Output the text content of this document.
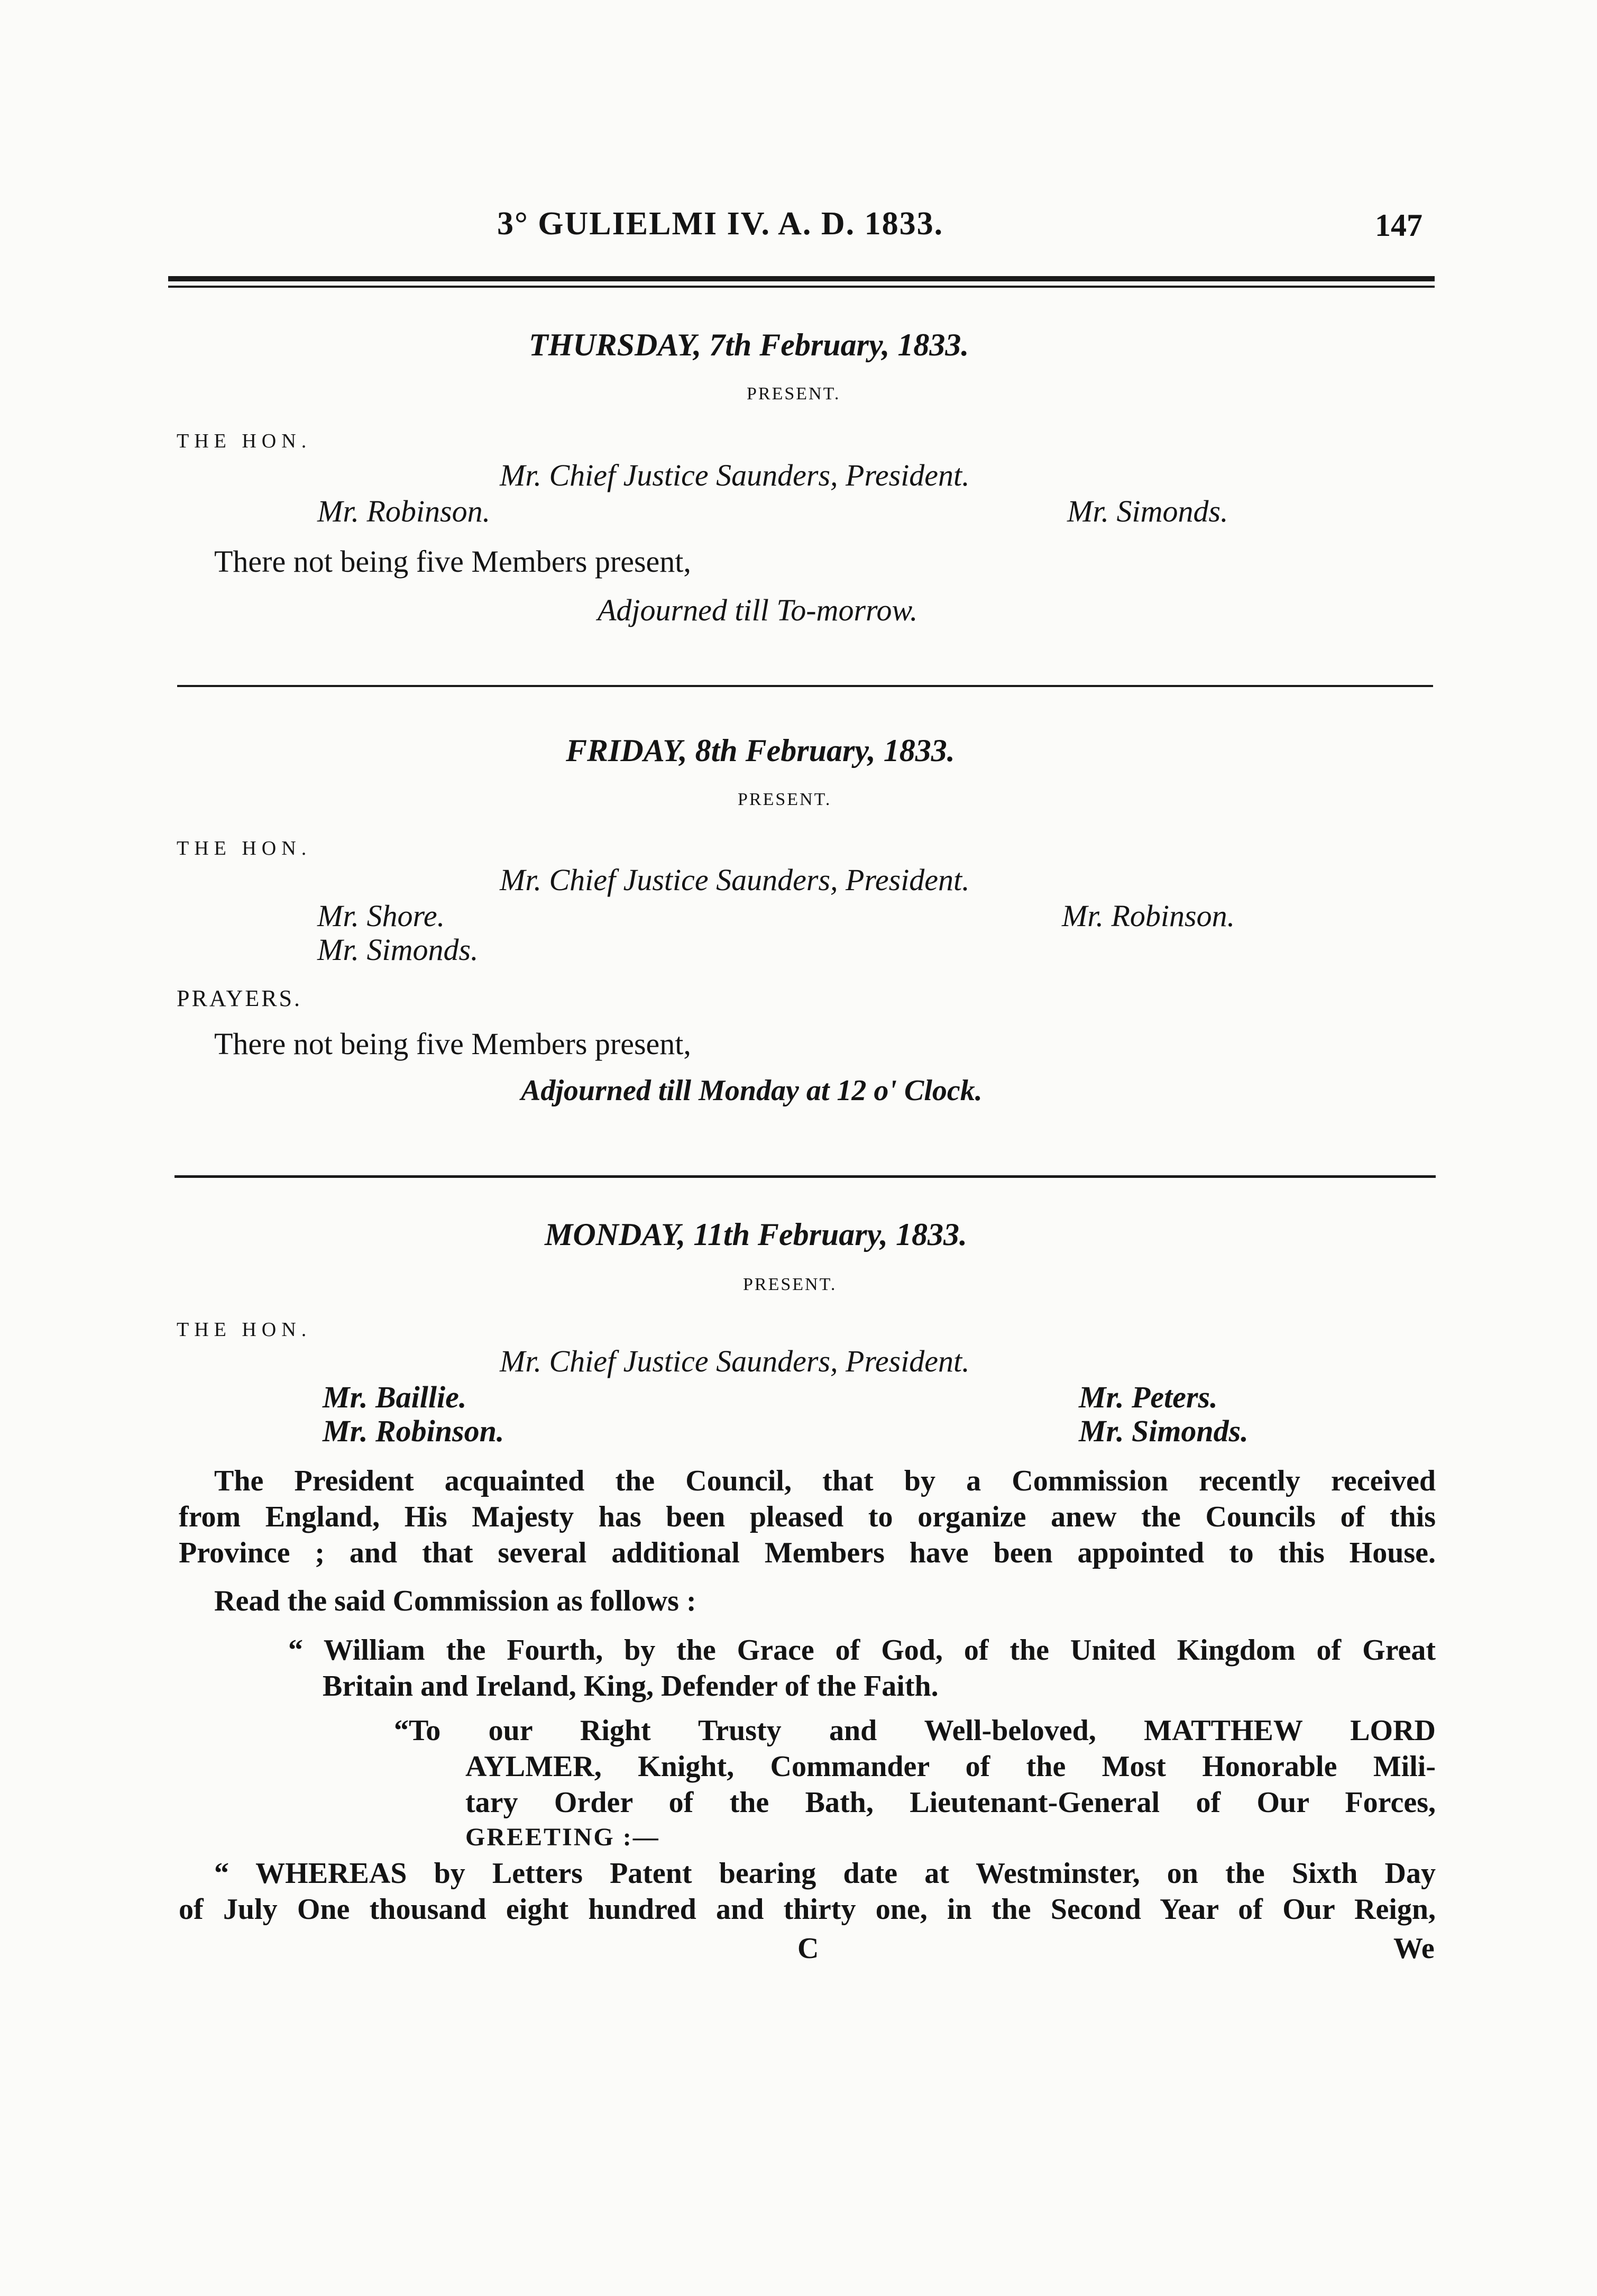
3° GULIELMI IV. A. D. 1833.	147
THURSDAY, 7th February, 1833.
PRESENT.
THE HON.
Mr. Chief Justice Saunders, President.
Mr. Robinson.	Mr. Simonds.
There not being five Members present,
Adjourned till To-morrow.
FRIDAY, 8th February, 1833.
PRESENT.
THE HON.
Mr. Chief Justice Saunders, President.
Mr. Shore.	Mr. Robinson.
Mr. Simonds.
PRAYERS.
There not being five Members present,
Adjourned till Monday at 12 o' Clock.
MONDAY, 11th February, 1833.
PRESENT.
THE HON.
Mr. Chief Justice Saunders, President.
Mr. Baillie.	Mr. Peters.
Mr. Robinson.	Mr. Simonds.
The President acquainted the Council, that by a Commission recently received
from England, His Majesty has been pleased to organize anew the Councils of this
Province ; and that several additional Members have been appointed to this House.
Read the said Commission as follows :
“ William the Fourth, by the Grace of God, of the United Kingdom of Great
Britain and Ireland, King, Defender of the Faith.
“To our Right Trusty and Well-beloved, MATTHEW LORD
AYLMER, Knight, Commander of the Most Honorable Mili-
tary Order of the Bath, Lieutenant-General of Our Forces,
GREETING :—
“ WHEREAS by Letters Patent bearing date at Westminster, on the Sixth Day
of July One thousand eight hundred and thirty one, in the Second Year of Our Reign,
C	We
